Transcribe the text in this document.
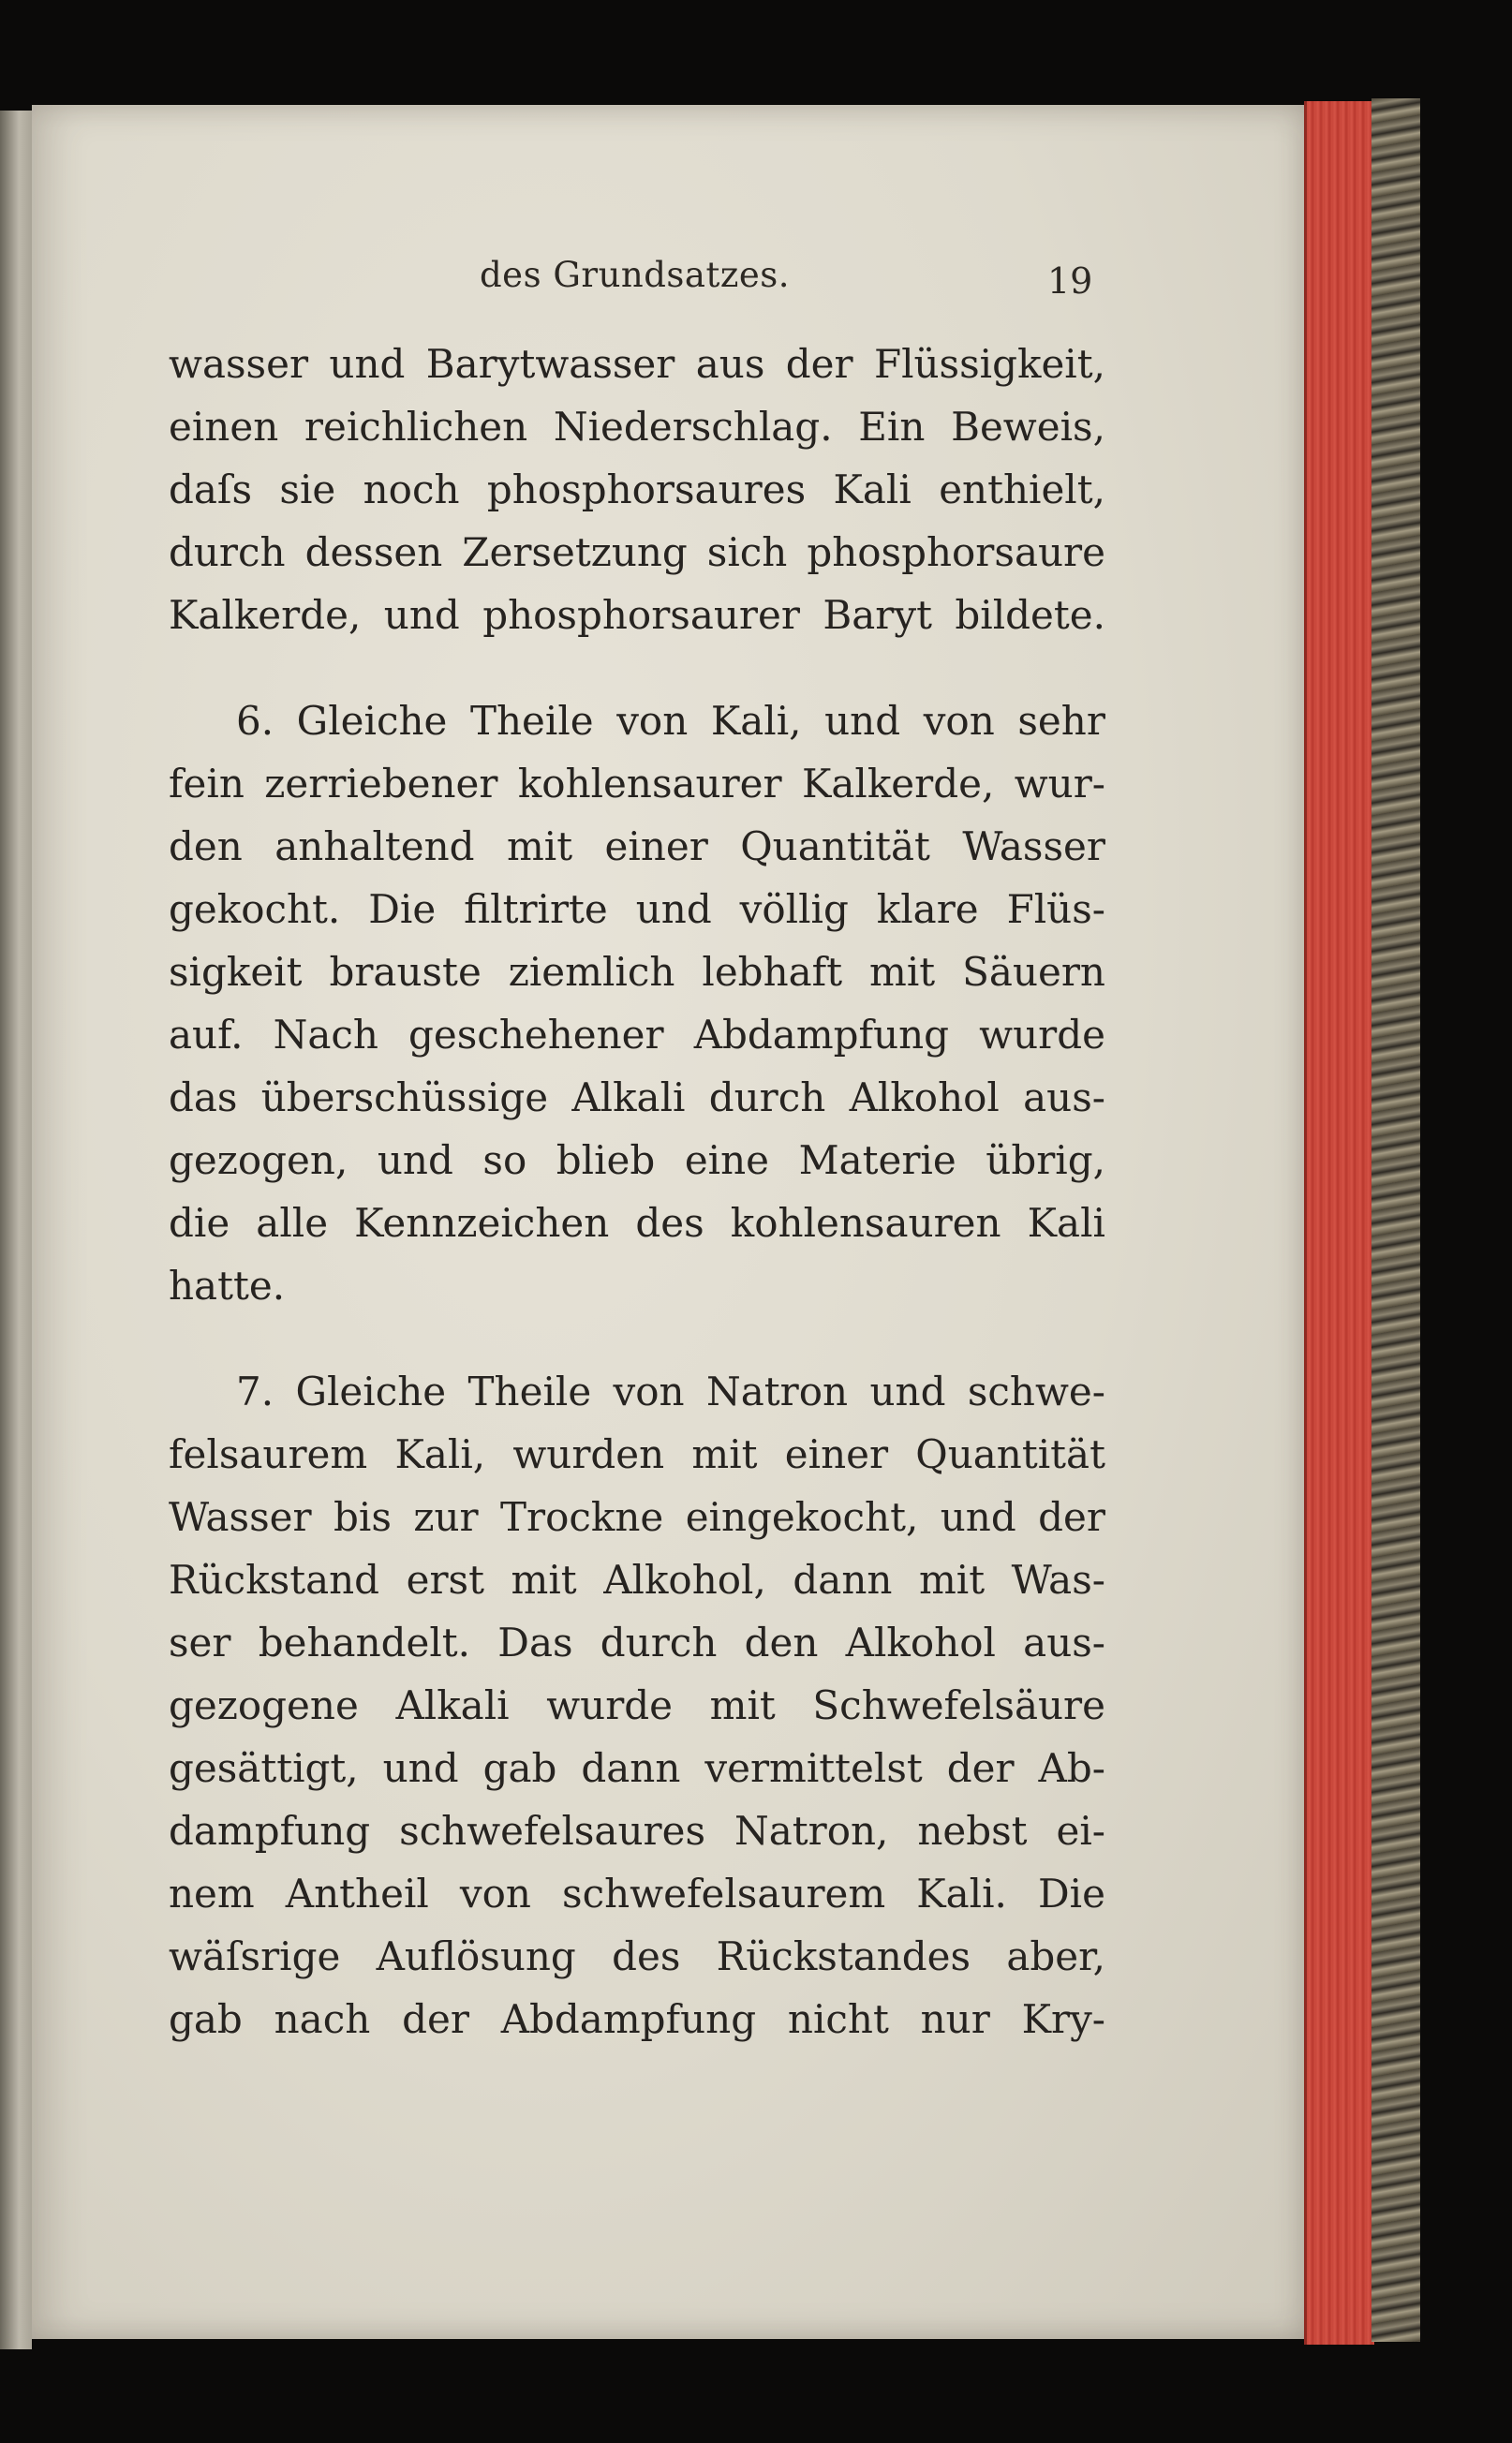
des Grundsatzes.	19
wasser und Barytwasser aus der Flüssigkeit,
einen reichlichen Niederschlag. Ein Beweis,
daſs sie noch phosphorsaures Kali enthielt,
durch dessen Zersetzung sich phosphorsaure
Kalkerde, und phosphorsaurer Baryt bildete.
6. Gleiche Theile von Kali, und von sehr
fein zerriebener kohlensaurer Kalkerde, wur-
den anhaltend mit einer Quantität Wasser
gekocht. Die filtrirte und völlig klare Flüs-
sigkeit brauste ziemlich lebhaft mit Säuern
auf. Nach geschehener Abdampfung wurde
das überschüssige Alkali durch Alkohol aus-
gezogen, und so blieb eine Materie übrig,
die alle Kennzeichen des kohlensauren Kali
hatte.
7. Gleiche Theile von Natron und schwe-
felsaurem Kali, wurden mit einer Quantität
Wasser bis zur Trockne eingekocht, und der
Rückstand erst mit Alkohol, dann mit Was-
ser behandelt. Das durch den Alkohol aus-
gezogene Alkali wurde mit Schwefelsäure
gesättigt, und gab dann vermittelst der Ab-
dampfung schwefelsaures Natron, nebst ei-
nem Antheil von schwefelsaurem Kali. Die
wäſsrige Auflösung des Rückstandes aber,
gab nach der Abdampfung nicht nur Kry-
